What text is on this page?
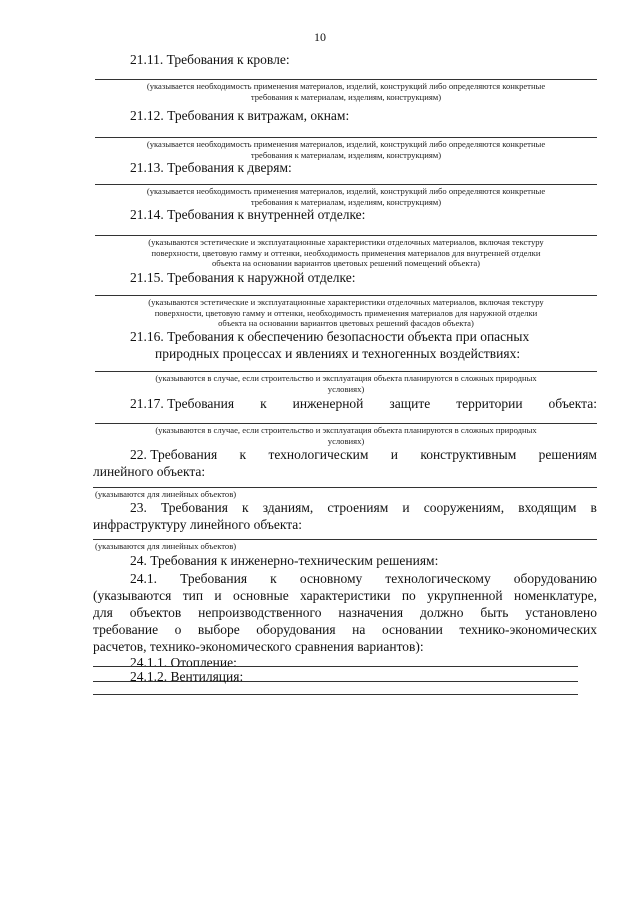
10
21.11. Требования к кровле:
(указывается необходимость применения материалов, изделий, конструкций либо определяются конкретные
требования к материалам, изделиям, конструкциям)
21.12. Требования к витражам, окнам:
(указывается необходимость применения материалов, изделий, конструкций либо определяются конкретные
требования к материалам, изделиям, конструкциям)
21.13. Требования к дверям:
(указывается необходимость применения материалов, изделий, конструкций либо определяются конкретные
требования к материалам, изделиям, конструкциям)
21.14. Требования к внутренней отделке:
(указываются эстетические и эксплуатационные характеристики отделочных материалов, включая текстуру
поверхности, цветовую гамму и оттенки, необходимость применения материалов для внутренней отделки
объекта на основании вариантов цветовых решений помещений объекта)
21.15. Требования к наружной отделке:
(указываются эстетические и эксплуатационные характеристики отделочных материалов, включая текстуру
поверхности, цветовую гамму и оттенки, необходимость применения материалов для наружной отделки
объекта на основании вариантов цветовых решений фасадов объекта)
21.16. Требования к обеспечению безопасности объекта при опасных
природных процессах и явлениях и техногенных воздействиях:
(указываются в случае, если строительство и эксплуатация объекта планируются в сложных природных
условиях)
21.17. Требования к инженерной защите территории объекта:
(указываются в случае, если строительство и эксплуатация объекта планируются в сложных природных
условиях)
22. Требования к технологическим и конструктивным решениям
линейного объекта:
(указываются для линейных объектов)
23. Требования к зданиям, строениям и сооружениям, входящим в
инфраструктуру линейного объекта:
(указываются для линейных объектов)
24. Требования к инженерно-техническим решениям:
24.1. Требования к основному технологическому оборудованию
(указываются тип и основные характеристики по укрупненной номенклатуре,
для объектов непроизводственного назначения должно быть установлено
требование о выборе оборудования на основании технико-экономических
расчетов, технико-экономического сравнения вариантов):
24.1.1. Отопление:
24.1.2. Вентиляция:
